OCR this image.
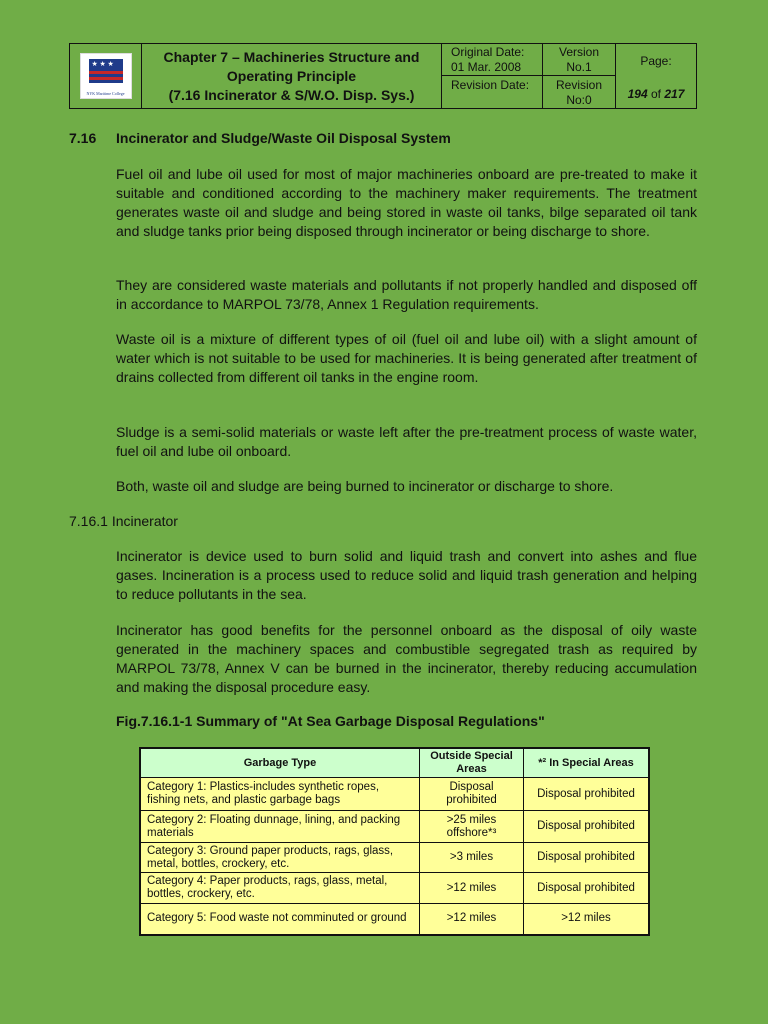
★ ★ ★
NYK Maritime College
Chapter 7 – Machineries Structure and
Operating Principle
(7.16 Incinerator & S/W.O. Disp. Sys.)
Original Date:
01 Mar. 2008
Revision Date:
Version
No.1
Revision
No:0
Page:
194 of 217
7.16 Incinerator and Sludge/Waste Oil Disposal System

Fuel oil and lube oil used for most of major machineries onboard are pre-treated to make it suitable and conditioned according to the machinery maker requirements. The treatment generates waste oil and sludge and being stored in waste oil tanks, bilge separated oil tank and sludge tanks prior being disposed through incinerator or being discharge to shore.

They are considered waste materials and pollutants if not properly handled and disposed off in accordance to MARPOL 73/78, Annex 1 Regulation requirements.

Waste oil is a mixture of different types of oil (fuel oil and lube oil) with a slight amount of water which is not suitable to be used for machineries. It is being generated after treatment of drains collected from different oil tanks in the engine room.

Sludge is a semi-solid materials or waste left after the pre-treatment process of waste water, fuel oil and lube oil onboard.

Both, waste oil and sludge are being burned to incinerator or discharge to shore.

7.16.1 Incinerator

Incinerator is device used to burn solid and liquid trash and convert into ashes and flue gases. Incineration is a process used to reduce solid and liquid trash generation and helping to reduce pollutants in the sea.

Incinerator has good benefits for the personnel onboard as the disposal of oily waste generated in the machinery spaces and combustible segregated trash as required by MARPOL 73/78, Annex V can be burned in the incinerator, thereby reducing accumulation and making the disposal procedure easy.

Fig.7.16.1-1 Summary of "At Sea Garbage Disposal Regulations"
Garbage Type	Outside Special Areas	*² In Special Areas
Category 1: Plastics-includes synthetic ropes, fishing nets, and plastic garbage bags	Disposal prohibited	Disposal prohibited
Category 2: Floating dunnage, lining, and packing materials	>25 miles offshore*³	Disposal prohibited
Category 3: Ground paper products, rags, glass, metal, bottles, crockery, etc.	>3 miles	Disposal prohibited
Category 4: Paper products, rags, glass, metal, bottles, crockery, etc.	>12 miles	Disposal prohibited
Category 5: Food waste not comminuted or ground	>12 miles	>12 miles
